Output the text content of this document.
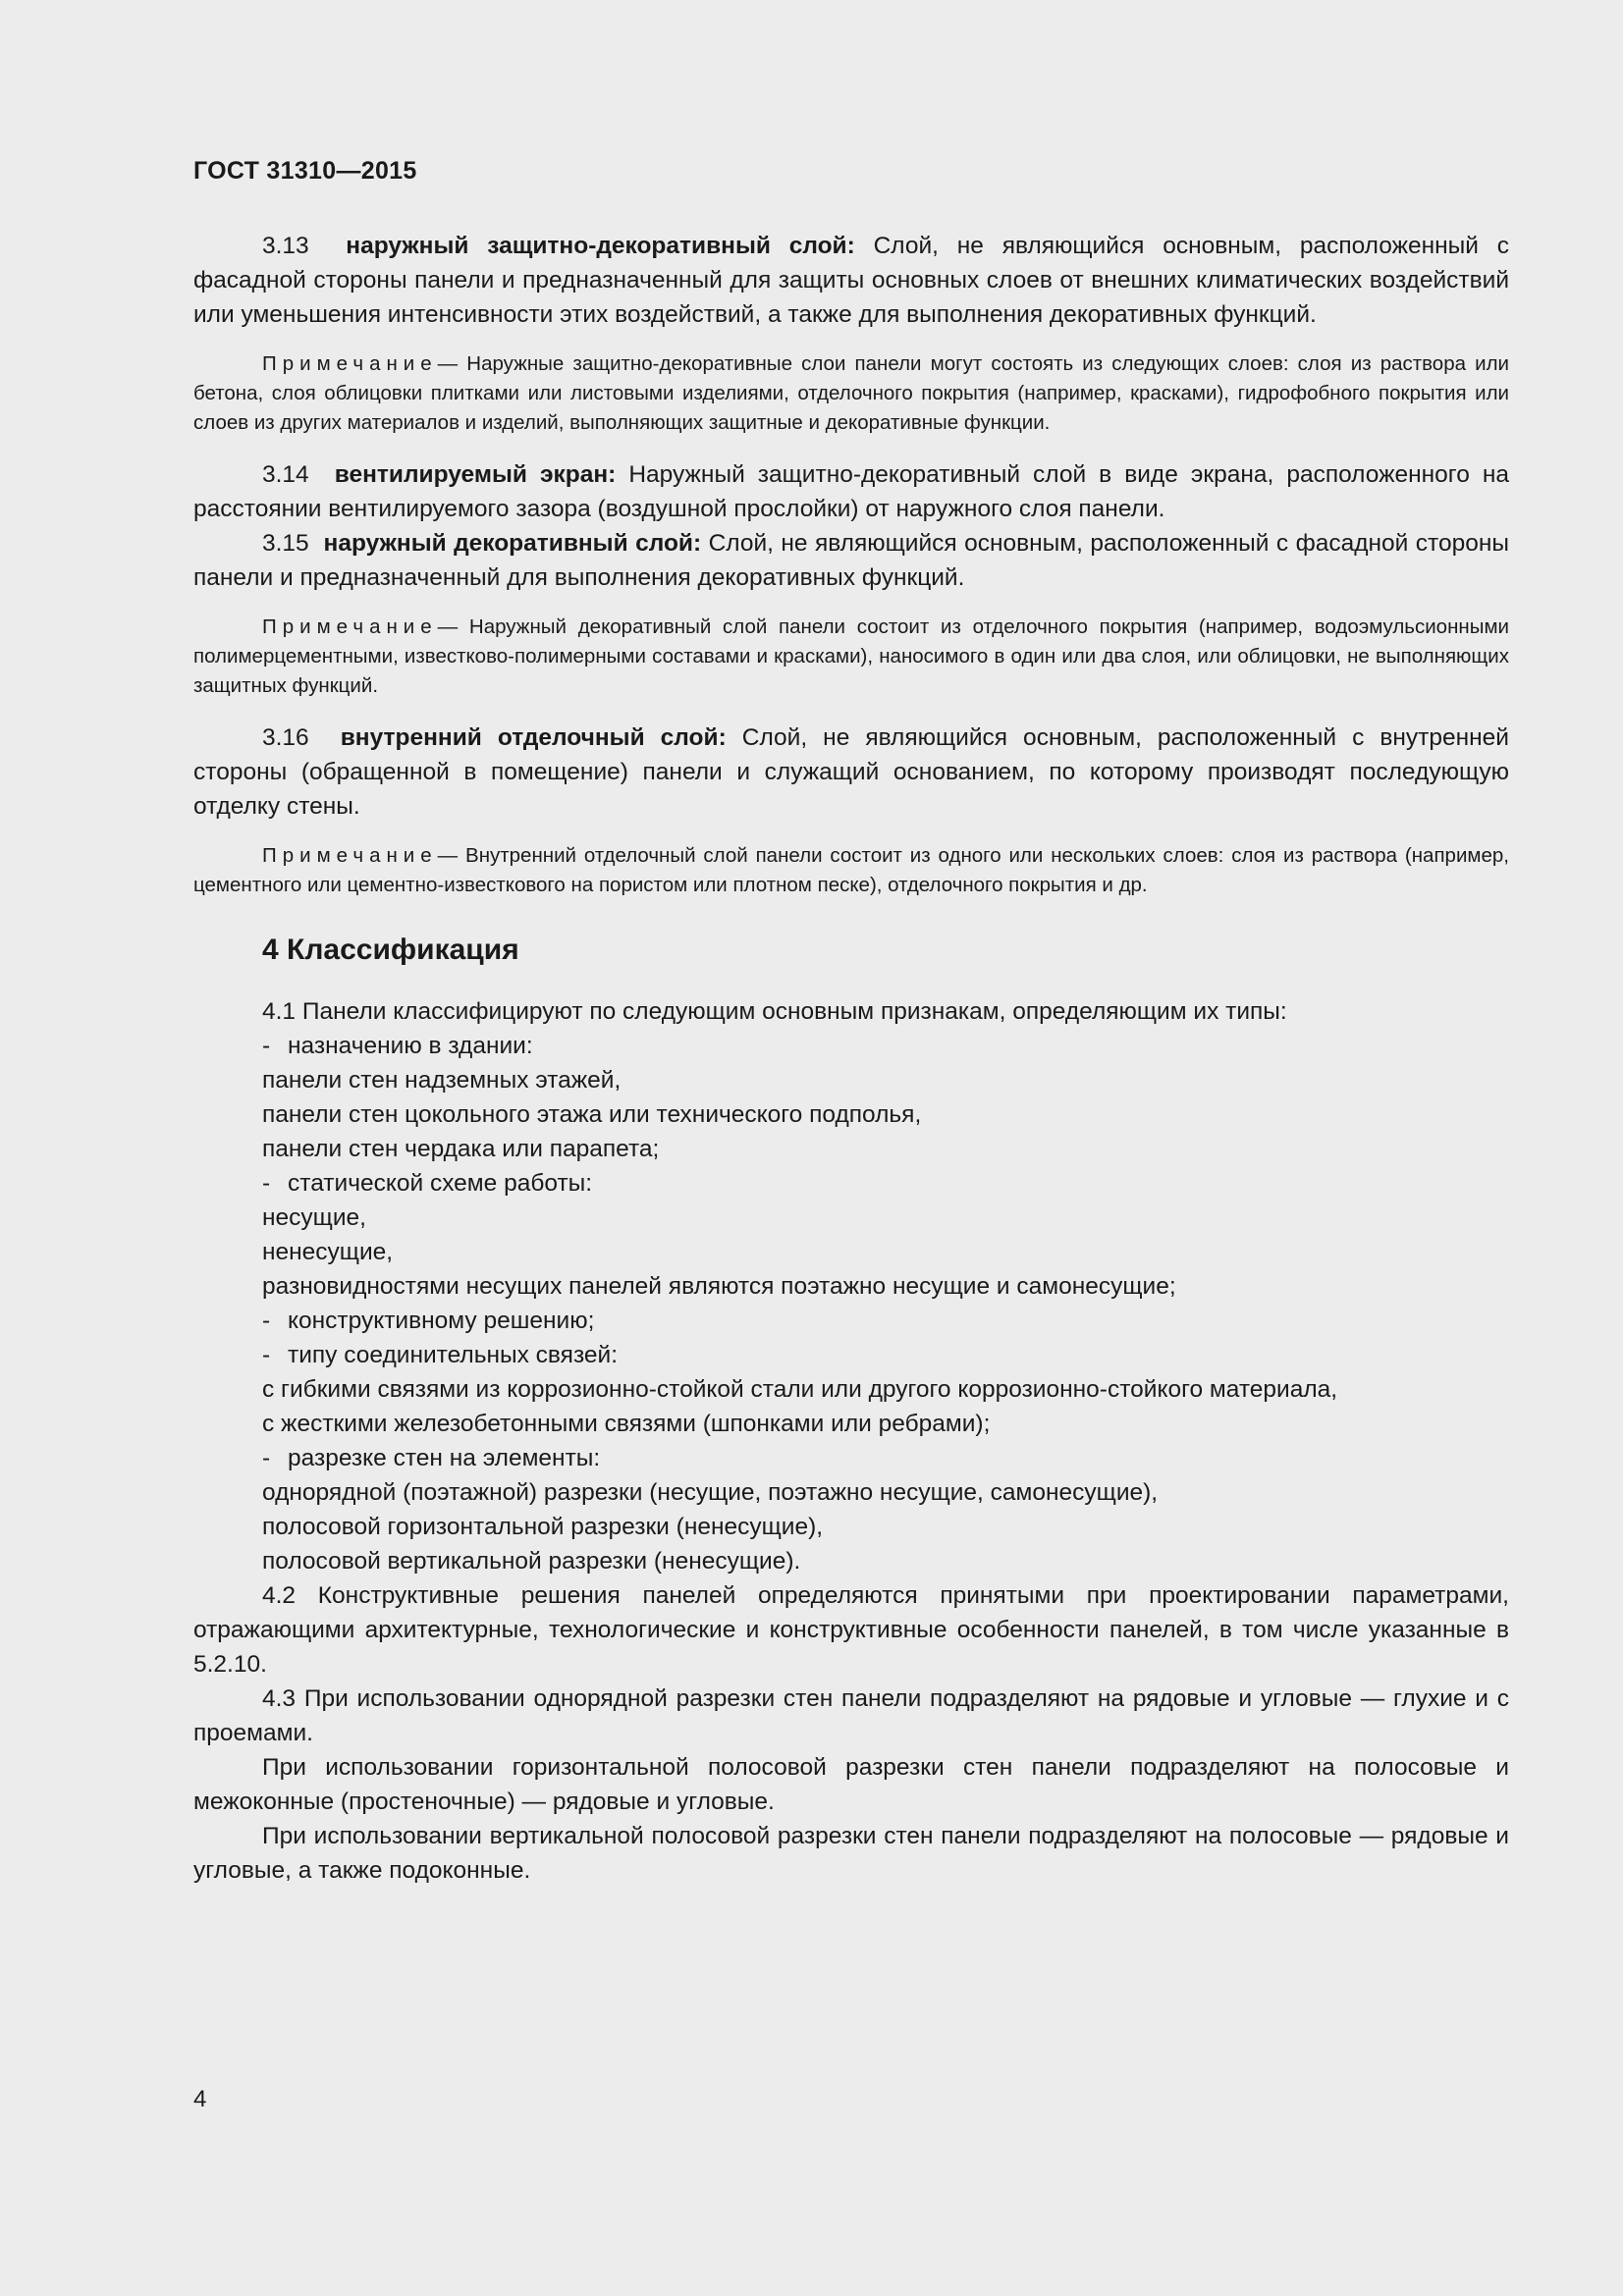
ГОСТ 31310—2015

3.13 наружный защитно-декоративный слой: Слой, не являющийся основным, расположенный с фасадной стороны панели и предназначенный для защиты основных слоев от внешних климатических воздействий или уменьшения интенсивности этих воздействий, а также для выполнения декоративных функций.

Примечание— Наружные защитно-декоративные слои панели могут состоять из следующих слоев: слоя из раствора или бетона, слоя облицовки плитками или листовыми изделиями, отделочного покрытия (например, красками), гидрофобного покрытия или слоев из других материалов и изделий, выполняющих защитные и декоративные функции.

3.14 вентилируемый экран: Наружный защитно-декоративный слой в виде экрана, расположенного на расстоянии вентилируемого зазора (воздушной прослойки) от наружного слоя панели.

3.15 наружный декоративный слой: Слой, не являющийся основным, расположенный с фасадной стороны панели и предназначенный для выполнения декоративных функций.

Примечание— Наружный декоративный слой панели состоит из отделочного покрытия (например, водоэмульсионными полимерцементными, известково-полимерными составами и красками), наносимого в один или два слоя, или облицовки, не выполняющих защитных функций.

3.16 внутренний отделочный слой: Слой, не являющийся основным, расположенный с внутренней стороны (обращенной в помещение) панели и служащий основанием, по которому производят последующую отделку стены.

Примечание— Внутренний отделочный слой панели состоит из одного или нескольких слоев: слоя из раствора (например, цементного или цементно-известкового на пористом или плотном песке), отделочного покрытия и др.

4 Классификация

4.1 Панели классифицируют по следующим основным признакам, определяющим их типы:

- назначению в здании:

панели стен надземных этажей,

панели стен цокольного этажа или технического подполья,

панели стен чердака или парапета;

- статической схеме работы:

несущие,

ненесущие,

разновидностями несущих панелей являются поэтажно несущие и самонесущие;

- конструктивному решению;

- типу соединительных связей:

с гибкими связями из коррозионно-стойкой стали или другого коррозионно-стойкого материала,

с жесткими железобетонными связями (шпонками или ребрами);

- разрезке стен на элементы:

однорядной (поэтажной) разрезки (несущие, поэтажно несущие, самонесущие),

полосовой горизонтальной разрезки (ненесущие),

полосовой вертикальной разрезки (ненесущие).

4.2 Конструктивные решения панелей определяются принятыми при проектировании параметрами, отражающими архитектурные, технологические и конструктивные особенности панелей, в том числе указанные в 5.2.10.

4.3 При использовании однорядной разрезки стен панели подразделяют на рядовые и угловые — глухие и с проемами.

При использовании горизонтальной полосовой разрезки стен панели подразделяют на полосовые и межоконные (простеночные) — рядовые и угловые.

При использовании вертикальной полосовой разрезки стен панели подразделяют на полосовые — рядовые и угловые, а также подоконные.

4
